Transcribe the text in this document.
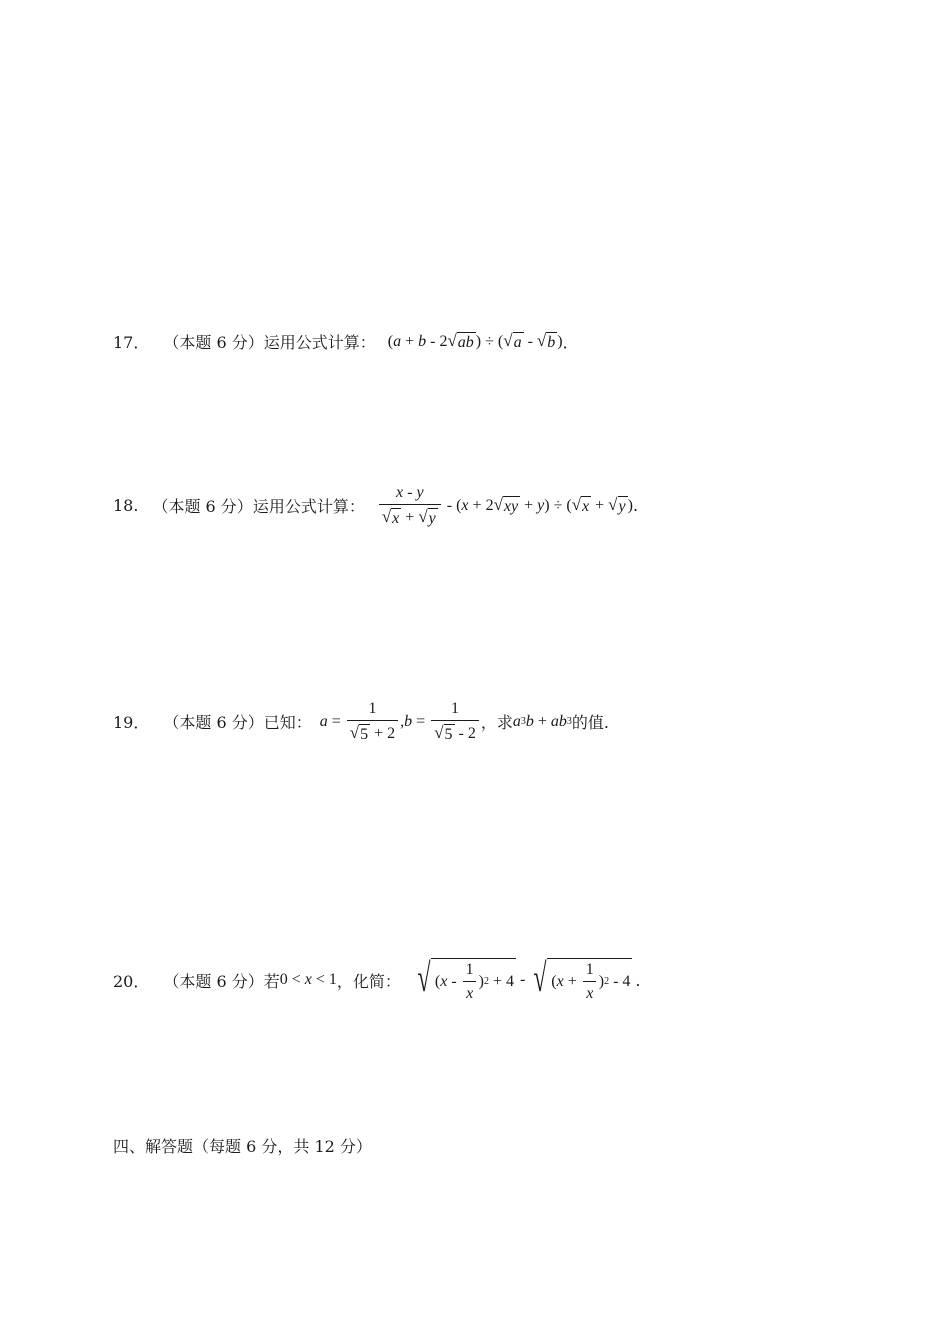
17． （本题 6 分） 运用公式计算： ( a + b - 2 √ ab ) ÷ ( √ a - √ b ) ．
18. （本题 6 分） 运用公式计算： $\frac{x - y}{√ x + √ y}$ - ( x + 2 √ xy + y ) ÷ ( √ x + √ y ) .
19． （本题 6 分） 已知： $a = \frac{1}{√ 5 + 2}$ , $b = \frac{1}{√ 5 - 2}$ ，求 a 3 b + ab 3 的值.
20． （本题 6 分） 若 0 < x < 1 ，化简： √ ( x - $\frac{1}{x}$ ) 2 + 4 - √ ( $x + \frac{1}{x}$ ) 2 - 4 .
四、解答题（每题 6 分，共 12 分）
